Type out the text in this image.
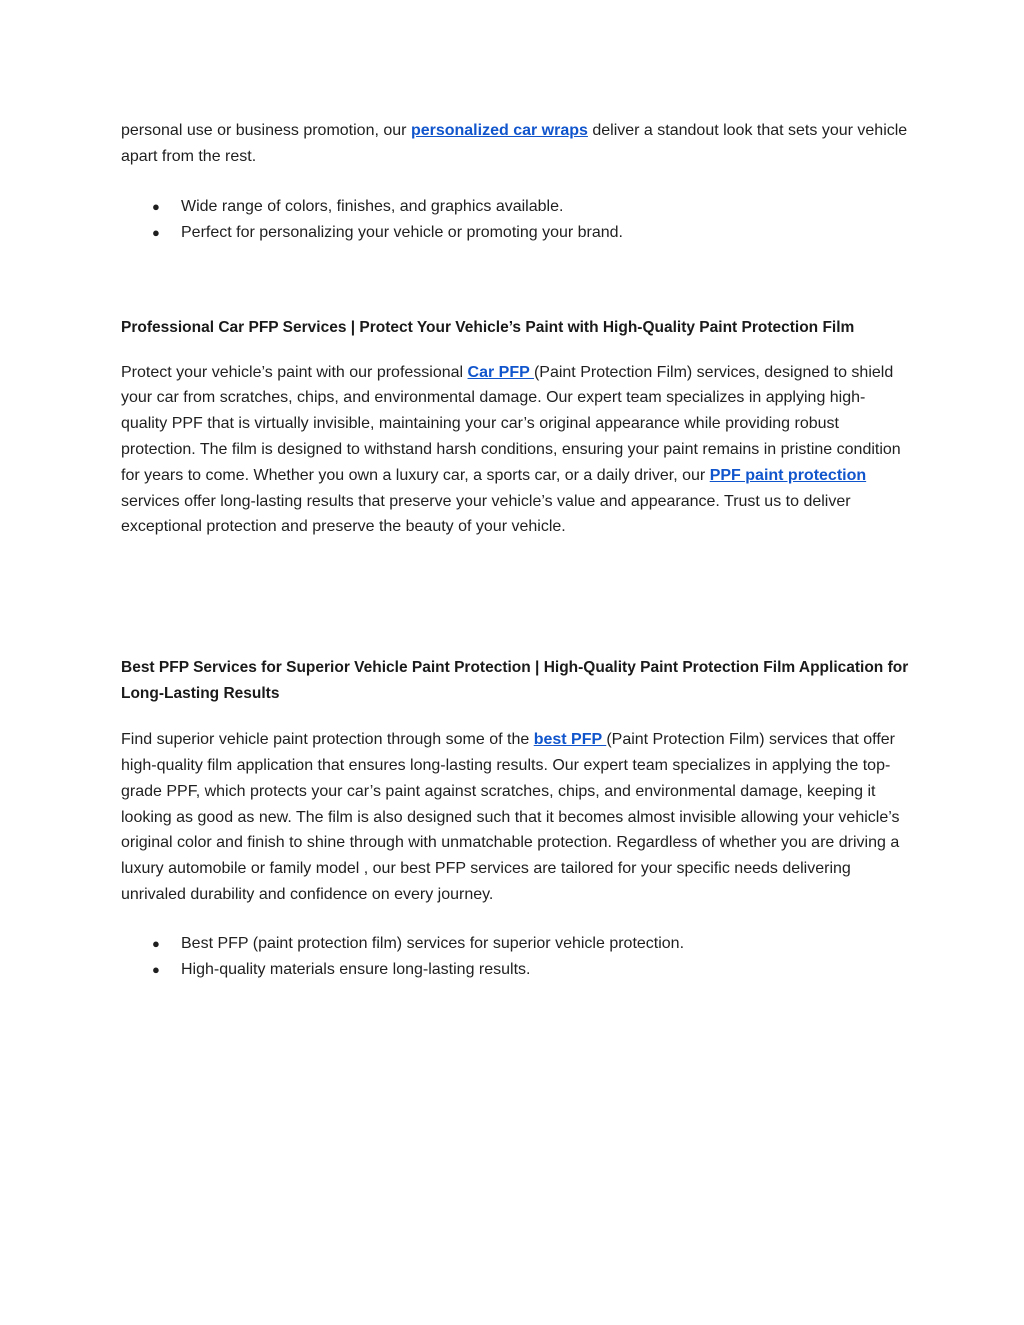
personal use or business promotion, our personalized car wraps deliver a standout look that sets your vehicle apart from the rest.

● Wide range of colors, finishes, and graphics available.
● Perfect for personalizing your vehicle or promoting your brand.
Professional Car PFP Services | Protect Your Vehicle’s Paint with High-Quality Paint Protection Film

Protect your vehicle’s paint with our professional Car PFP (Paint Protection Film) services, designed to shield your car from scratches, chips, and environmental damage. Our expert team specializes in applying high-quality PPF that is virtually invisible, maintaining your car’s original appearance while providing robust protection. The film is designed to withstand harsh conditions, ensuring your paint remains in pristine condition for years to come. Whether you own a luxury car, a sports car, or a daily driver, our PPF paint protection services offer long-lasting results that preserve your vehicle’s value and appearance. Trust us to deliver exceptional protection and preserve the beauty of your vehicle.

Best PFP Services for Superior Vehicle Paint Protection | High-Quality Paint Protection Film Application for Long-Lasting Results

Find superior vehicle paint protection through some of the best PFP (Paint Protection Film) services that offer high-quality film application that ensures long-lasting results. Our expert team specializes in applying the top-grade PPF, which protects your car’s paint against scratches, chips, and environmental damage, keeping it looking as good as new. The film is also designed such that it becomes almost invisible allowing your vehicle’s original color and finish to shine through with unmatchable protection. Regardless of whether you are driving a luxury automobile or family model , our best PFP services are tailored for your specific needs delivering unrivaled durability and confidence on every journey.

● Best PFP (paint protection film) services for superior vehicle protection.
● High-quality materials ensure long-lasting results.
